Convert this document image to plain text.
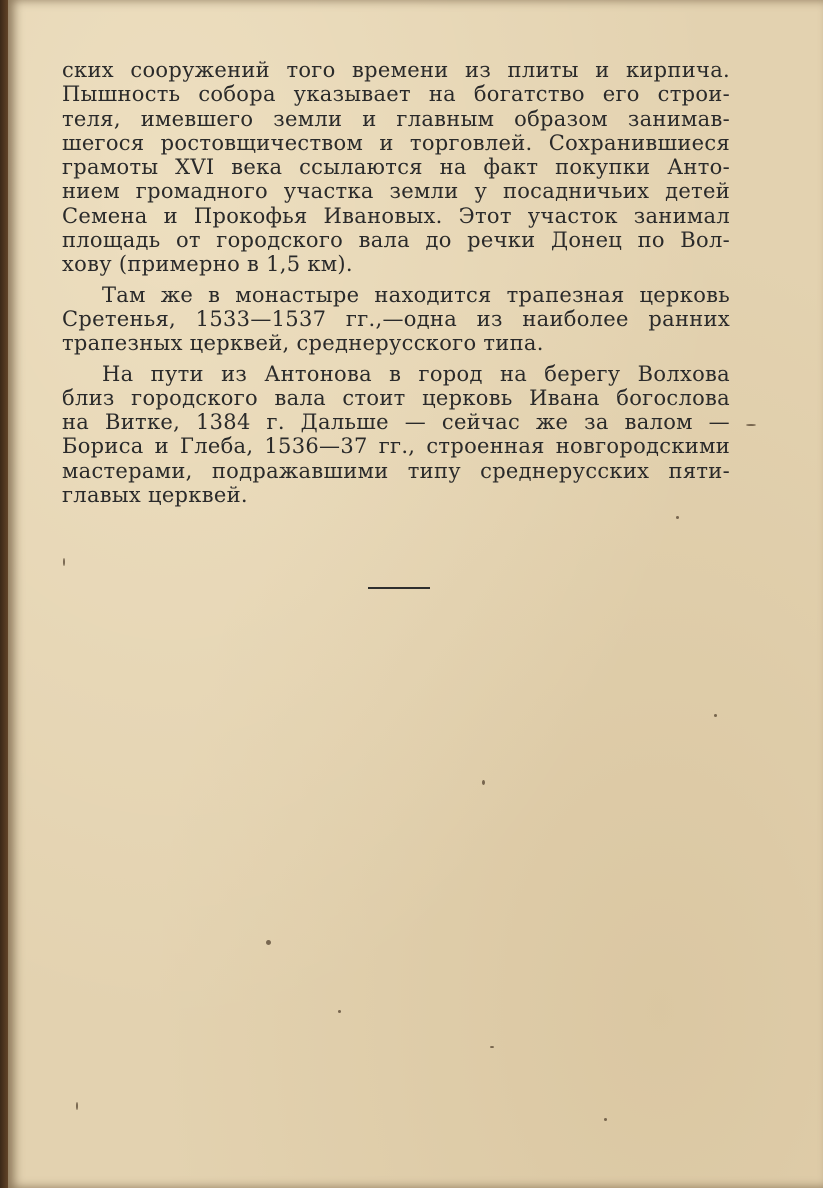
ских сооружений того времени из плиты и кирпича.
Пышность собора указывает на богатство его строи-
теля, имевшего земли и главным образом занимав-
шегося ростовщичеством и торговлей. Сохранившиеся
грамоты XVI века ссылаются на факт покупки Анто-
нием громадного участка земли у посадничьих детей
Семена и Прокофья Ивановых. Этот участок занимал
площадь от городского вала до речки Донец по Вол-
хову (примерно в 1,5 км).
Там же в монастыре находится трапезная церковь
Сретенья, 1533—1537 гг.,—одна из наиболее ранних
трапезных церквей, среднерусского типа.
На пути из Антонова в город на берегу Волхова
близ городского вала стоит церковь Ивана богослова
на Витке, 1384 г. Дальше — сейчас же за валом —
Бориса и Глеба, 1536—37 гг., строенная новгородскими
мастерами, подражавшими типу среднерусских пяти-
главых церквей.
